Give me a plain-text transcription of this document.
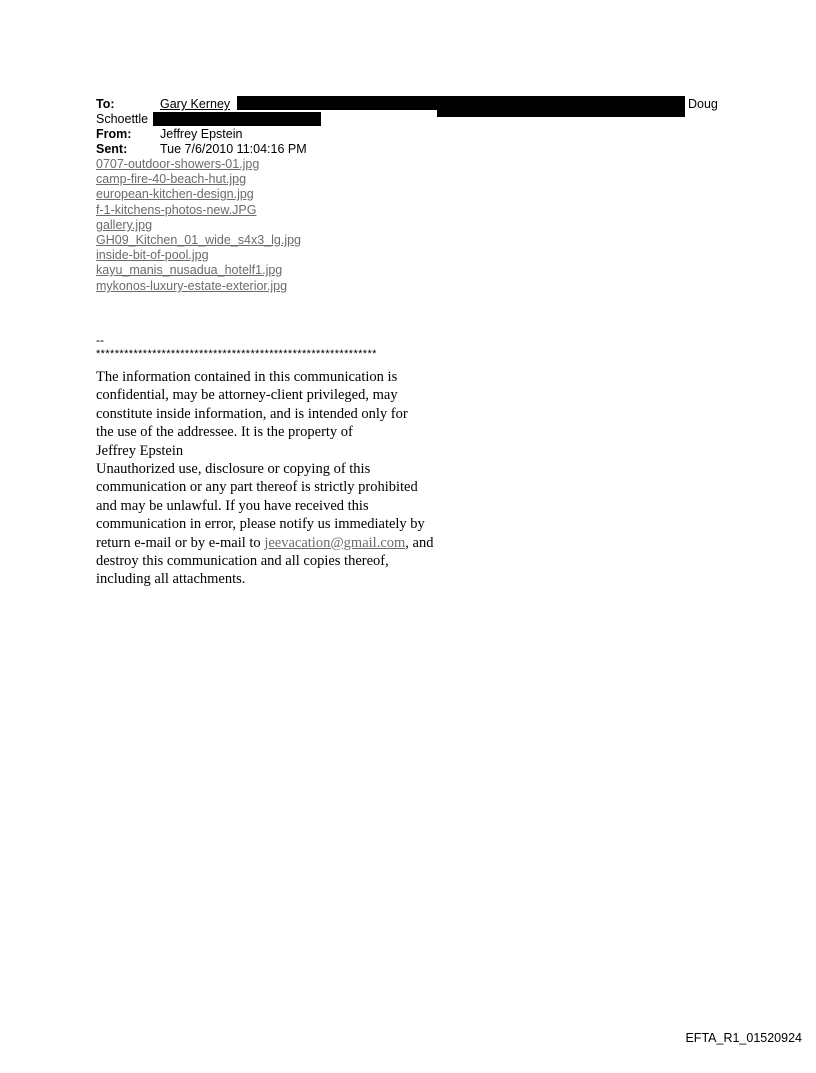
To:	Gary Kerney	Doug
Schoettle
From: Jeffrey Epstein
Sent:	Tue 7/6/2010 11:04:16 PM
0707-outdoor-showers-01.jpg
camp-fire-40-beach-hut.jpg
european-kitchen-design.jpg
f-1-kitchens-photos-new.JPG
gallery.jpg
GH09_Kitchen_01_wide_s4x3_lg.jpg
inside-bit-of-pool.jpg
kayu_manis_nusadua_hotelf1.jpg
mykonos-luxury-estate-exterior.jpg
--
************************************************************
The information contained in this communication is
confidential, may be attorney-client privileged, may
constitute inside information, and is intended only for
the use of the addressee. It is the property of
Jeffrey Epstein
Unauthorized use, disclosure or copying of this
communication or any part thereof is strictly prohibited
and may be unlawful. If you have received this
communication in error, please notify us immediately by
return e-mail or by e-mail to jeevacation@gmail.com, and
destroy this communication and all copies thereof,
including all attachments.
EFTA_R1_01520924
